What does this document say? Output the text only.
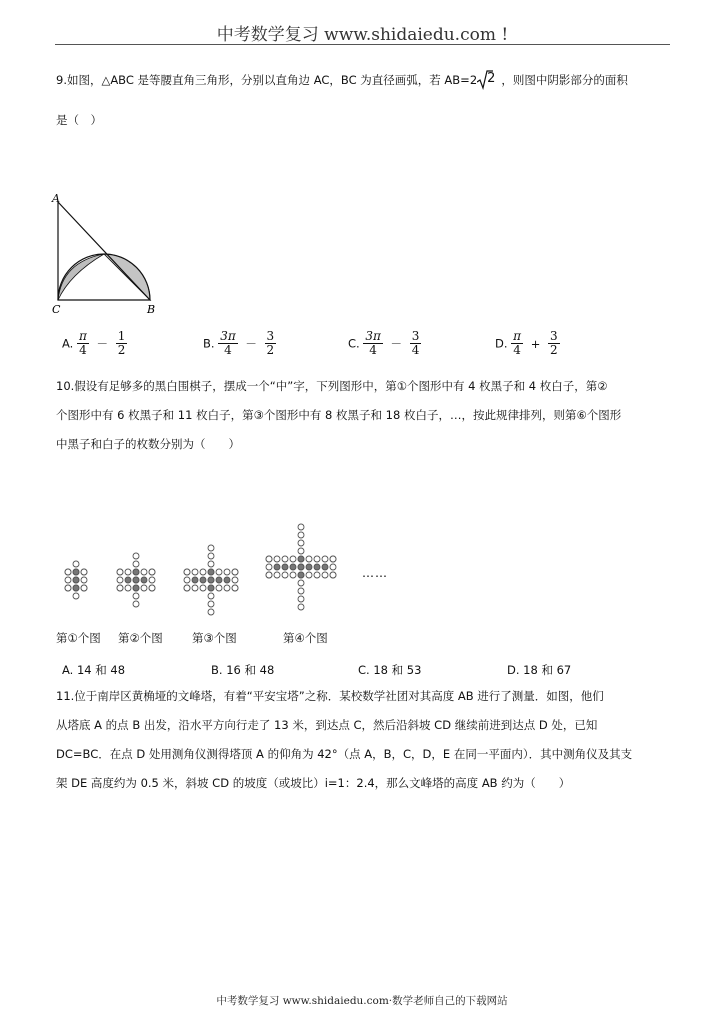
中考数学复习 www.shidaiedu.com !
9.如图，△ABC 是等腰直角三角形，分别以直角边 AC，BC 为直径画弧，若 AB=2 2 ，则图中阴影部分的面积
是（　）
A
C	B
A. $\frac{\pi}{4} - \frac{1}{2}$	B. $\frac{3\pi}{4} - \frac{3}{2}$	C. $\frac{3\pi}{4} - \frac{3}{4}$	D. $\frac{\pi}{4} + \frac{3}{2}$
10.假设有足够多的黑白围棋子，摆成一个“中”字，下列图形中，第①个图形中有 4 枚黑子和 4 枚白子，第②
个图形中有 6 枚黑子和 11 枚白子，第③个图形中有 8 枚黑子和 18 枚白子，…，按此规律排列，则第⑥个图形
中黑子和白子的枚数分别为（　　）
……
第①个图 第②个图	第③个图	第④个图
A. 14 和 48	B. 16 和 48	C. 18 和 53	D. 18 和 67
11.位于南岸区黄桷垭的文峰塔，有着“平安宝塔”之称．某校数学社团对其高度 AB 进行了测量．如图，他们
从塔底 A 的点 B 出发，沿水平方向行走了 13 米，到达点 C，然后沿斜坡 CD 继续前进到达点 D 处，已知
DC=BC．在点 D 处用测角仪测得塔顶 A 的仰角为 42°（点 A，B，C，D，E 在同一平面内）．其中测角仪及其支
架 DE 高度约为 0.5 米，斜坡 CD 的坡度（或坡比）i=1：2.4，那么文峰塔的高度 AB 约为（　　）
中考数学复习 www.shidaiedu.com·数学老师自己的下载网站
